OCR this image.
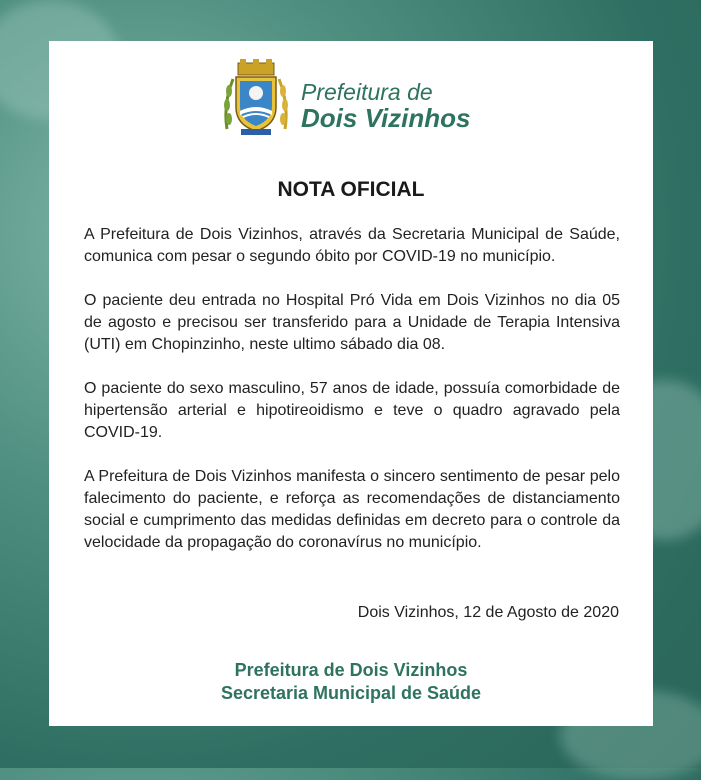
Prefeitura de
Dois Vizinhos
NOTA OFICIAL

A Prefeitura de Dois Vizinhos, através da Secretaria Municipal de Saúde, comunica com pesar o segundo óbito por COVID-19 no município.

O paciente deu entrada no Hospital Pró Vida em Dois Vizinhos no dia 05 de agosto e precisou ser transferido para a Unidade de Terapia Intensiva (UTI) em Chopinzinho, neste ultimo sábado dia 08.

O paciente do sexo masculino, 57 anos de idade, possuía comorbidade de hipertensão arterial e hipotireoidismo e teve o quadro agravado pela COVID-19.

A Prefeitura de Dois Vizinhos manifesta o sincero sentimento de pesar pelo falecimento do paciente, e reforça as recomendações de distanciamento social e cumprimento das medidas definidas em decreto para o controle da velocidade da propagação do coronavírus no município.

Dois Vizinhos, 12 de Agosto de 2020
Prefeitura de Dois Vizinhos
Secretaria Municipal de Saúde
